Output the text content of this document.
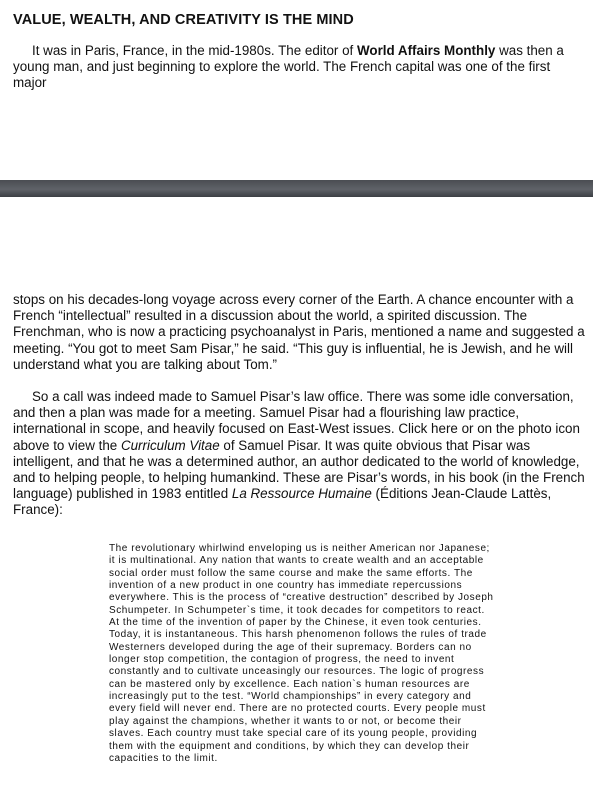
VALUE, WEALTH, AND CREATIVITY IS THE MIND

It was in Paris, France, in the mid-1980s. The editor of World Affairs Monthly was then a young man, and just beginning to explore the world. The French capital was one of the first major

stops on his decades-long voyage across every corner of the Earth. A chance encounter with a French “intellectual” resulted in a discussion about the world, a spirited discussion. The Frenchman, who is now a practicing psychoanalyst in Paris, mentioned a name and suggested a meeting. “You got to meet Sam Pisar,” he said. “This guy is influential, he is Jewish, and he will understand what you are talking about Tom.”

So a call was indeed made to Samuel Pisar’s law office. There was some idle conversation, and then a plan was made for a meeting. Samuel Pisar had a flourishing law practice, international in scope, and heavily focused on East-West issues. Click here or on the photo icon above to view the Curriculum Vitae of Samuel Pisar. It was quite obvious that Pisar was intelligent, and that he was a determined author, an author dedicated to the world of knowledge, and to helping people, to helping humankind. These are Pisar’s words, in his book (in the French language) published in 1983 entitled La Ressource Humaine (Éditions Jean-Claude Lattès, France):

The revolutionary whirlwind enveloping us is neither American nor Japanese; it is multinational. Any nation that wants to create wealth and an acceptable social order must follow the same course and make the same efforts. The invention of a new product in one country has immediate repercussions everywhere. This is the process of “creative destruction” described by Joseph Schumpeter. In Schumpeter`s time, it took decades for competitors to react. At the time of the invention of paper by the Chinese, it even took centuries. Today, it is instantaneous. This harsh phenomenon follows the rules of trade Westerners developed during the age of their supremacy. Borders can no longer stop competition, the contagion of progress, the need to invent constantly and to cultivate unceasingly our resources. The logic of progress can be mastered only by excellence. Each nation`s human resources are increasingly put to the test. “World championships” in every category and every field will never end. There are no protected courts. Every people must play against the champions, whether it wants to or not, or become their slaves. Each country must take special care of its young people, providing them with the equipment and conditions, by which they can develop their capacities to the limit.
